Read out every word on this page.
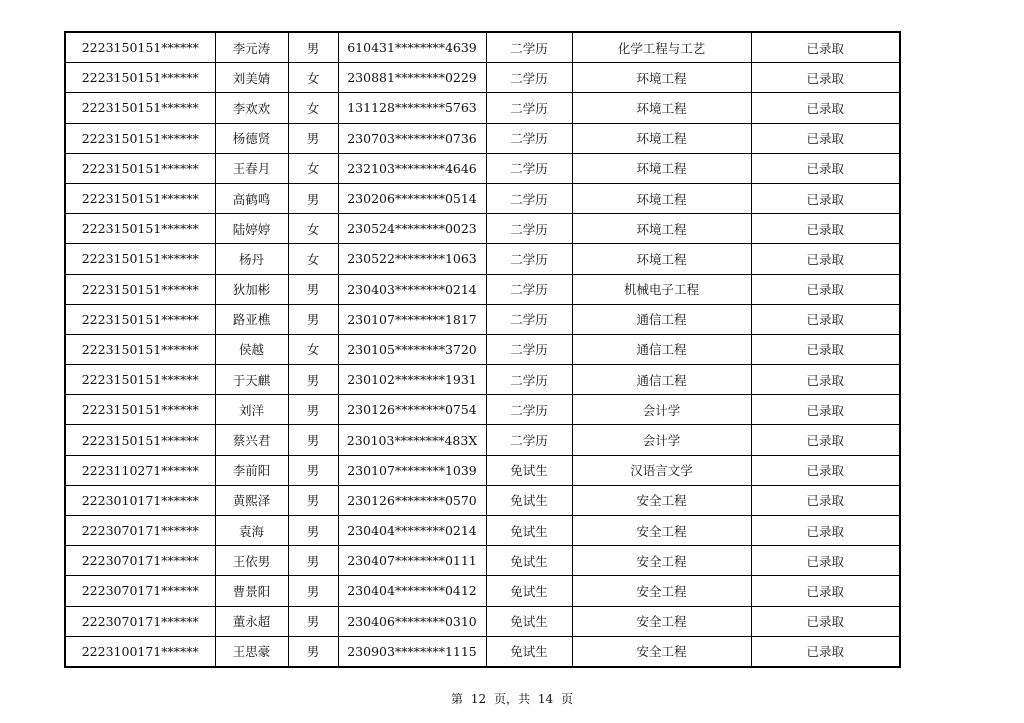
2223150151******	李元涛	男	610431********4639	二学历	化学工程与工艺	已录取
2223150151******	刘美婧	女	230881********0229	二学历	环境工程	已录取
2223150151******	李欢欢	女	131128********5763	二学历	环境工程	已录取
2223150151******	杨德贤	男	230703********0736	二学历	环境工程	已录取
2223150151******	王春月	女	232103********4646	二学历	环境工程	已录取
2223150151******	高鹤鸣	男	230206********0514	二学历	环境工程	已录取
2223150151******	陆婷婷	女	230524********0023	二学历	环境工程	已录取
2223150151******	杨丹	女	230522********1063	二学历	环境工程	已录取
2223150151******	狄加彬	男	230403********0214	二学历	机械电子工程	已录取
2223150151******	路亚樵	男	230107********1817	二学历	通信工程	已录取
2223150151******	侯越	女	230105********3720	二学历	通信工程	已录取
2223150151******	于天麒	男	230102********1931	二学历	通信工程	已录取
2223150151******	刘洋	男	230126********0754	二学历	会计学	已录取
2223150151******	蔡兴君	男	230103********483X	二学历	会计学	已录取
2223110271******	李前阳	男	230107********1039	免试生	汉语言文学	已录取
2223010171******	黄熙泽	男	230126********0570	免试生	安全工程	已录取
2223070171******	袁海	男	230404********0214	免试生	安全工程	已录取
2223070171******	王依男	男	230407********0111	免试生	安全工程	已录取
2223070171******	曹景阳	男	230404********0412	免试生	安全工程	已录取
2223070171******	董永超	男	230406********0310	免试生	安全工程	已录取
2223100171******	王思豪	男	230903********1115	免试生	安全工程	已录取
第 12 页，共 14 页
